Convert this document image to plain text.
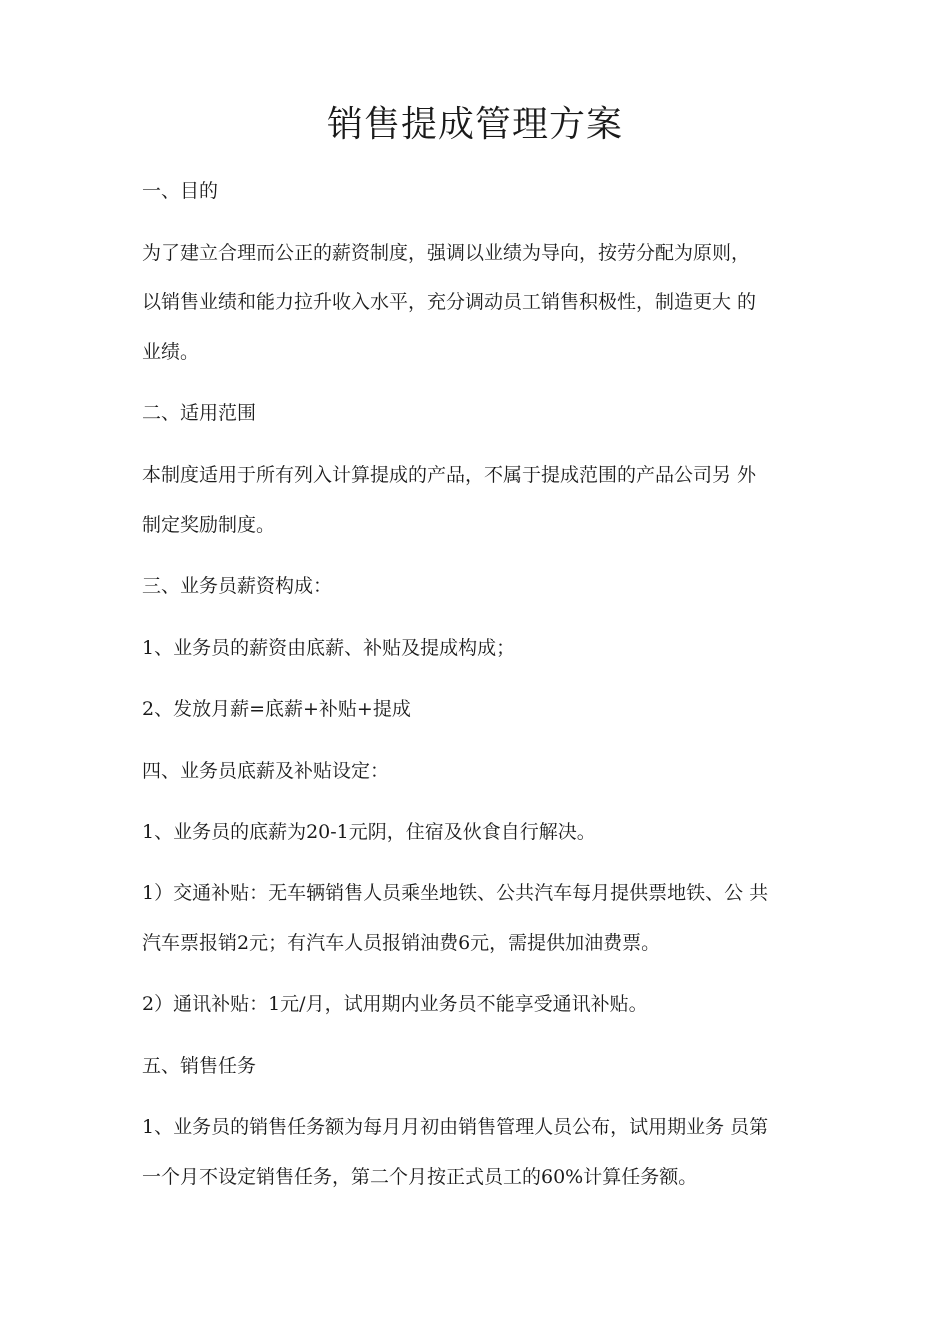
销售提成管理方案

一、目的

为了建立合理而公正的薪资制度，强调以业绩为导向，按劳分配为原则，

以销售业绩和能力拉升收入水平，充分调动员工销售积极性，制造更大 的

业绩。

二、适用范围

本制度适用于所有列入计算提成的产品，不属于提成范围的产品公司另 外

制定奖励制度。

三、业务员薪资构成：

1、业务员的薪资由底薪、补贴及提成构成；

2、发放月薪=底薪+补贴+提成

四、业务员底薪及补贴设定：

1、业务员的底薪为20-1元阴，住宿及伙食自行解决。

1）交通补贴：无车辆销售人员乘坐地铁、公共汽车每月提供票地铁、公 共

汽车票报销2元；有汽车人员报销油费6元，需提供加油费票。

2）通讯补贴：1元/月，试用期内业务员不能享受通讯补贴。

五、销售任务

1、业务员的销售任务额为每月月初由销售管理人员公布，试用期业务 员第

一个月不设定销售任务，第二个月按正式员工的60%计算任务额。
